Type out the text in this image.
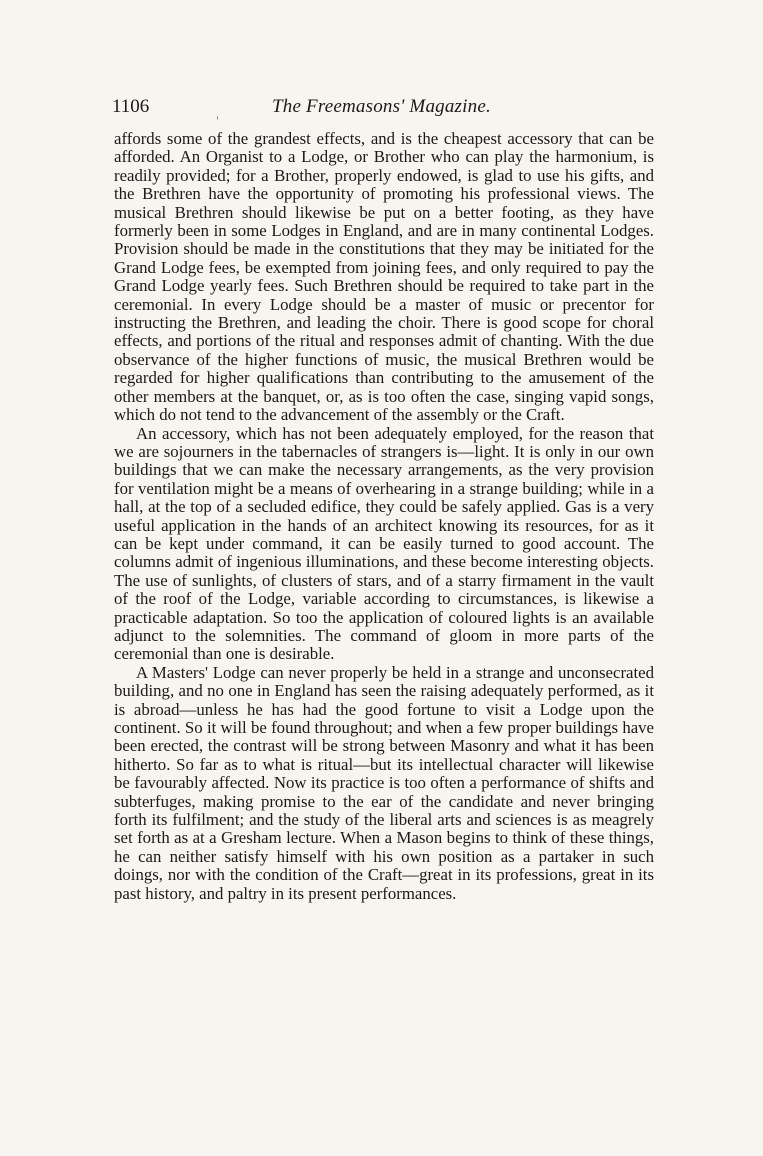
1106	The Freemasons' Magazine.
'

affords some of the grandest effects, and is the cheapest accessory that can be afforded. An Organist to a Lodge, or Brother who can play the harmonium, is readily provided; for a Brother, properly endowed, is glad to use his gifts, and the Brethren have the opportunity of promoting his professional views. The musical Brethren should likewise be put on a better footing, as they have formerly been in some Lodges in England, and are in many continental Lodges. Provision should be made in the constitutions that they may be initiated for the Grand Lodge fees, be exempted from joining fees, and only required to pay the Grand Lodge yearly fees. Such Brethren should be required to take part in the ceremonial. In every Lodge should be a master of music or precentor for instructing the Brethren, and leading the choir. There is good scope for choral effects, and portions of the ritual and responses admit of chanting. With the due observance of the higher functions of music, the musical Brethren would be regarded for higher qualifications than contributing to the amusement of the other members at the banquet, or, as is too often the case, singing vapid songs, which do not tend to the advancement of the assembly or the Craft.

An accessory, which has not been adequately employed, for the reason that we are sojourners in the tabernacles of strangers is—light. It is only in our own buildings that we can make the necessary arrangements, as the very provision for ventilation might be a means of overhearing in a strange building; while in a hall, at the top of a secluded edifice, they could be safely applied. Gas is a very useful application in the hands of an architect knowing its resources, for as it can be kept under command, it can be easily turned to good account. The columns admit of ingenious illuminations, and these become interesting objects. The use of sunlights, of clusters of stars, and of a starry firmament in the vault of the roof of the Lodge, variable according to circumstances, is likewise a practicable adaptation. So too the application of coloured lights is an available adjunct to the solemnities. The command of gloom in more parts of the ceremonial than one is desirable.

A Masters' Lodge can never properly be held in a strange and unconsecrated building, and no one in England has seen the raising adequately performed, as it is abroad—unless he has had the good fortune to visit a Lodge upon the continent. So it will be found throughout; and when a few proper buildings have been erected, the contrast will be strong between Masonry and what it has been hitherto. So far as to what is ritual—but its intellectual character will likewise be favourably affected. Now its practice is too often a performance of shifts and subterfuges, making promise to the ear of the candidate and never bringing forth its fulfilment; and the study of the liberal arts and sciences is as meagrely set forth as at a Gresham lecture. When a Mason begins to think of these things, he can neither satisfy himself with his own position as a partaker in such doings, nor with the condition of the Craft—great in its professions, great in its past history, and paltry in its present performances.
